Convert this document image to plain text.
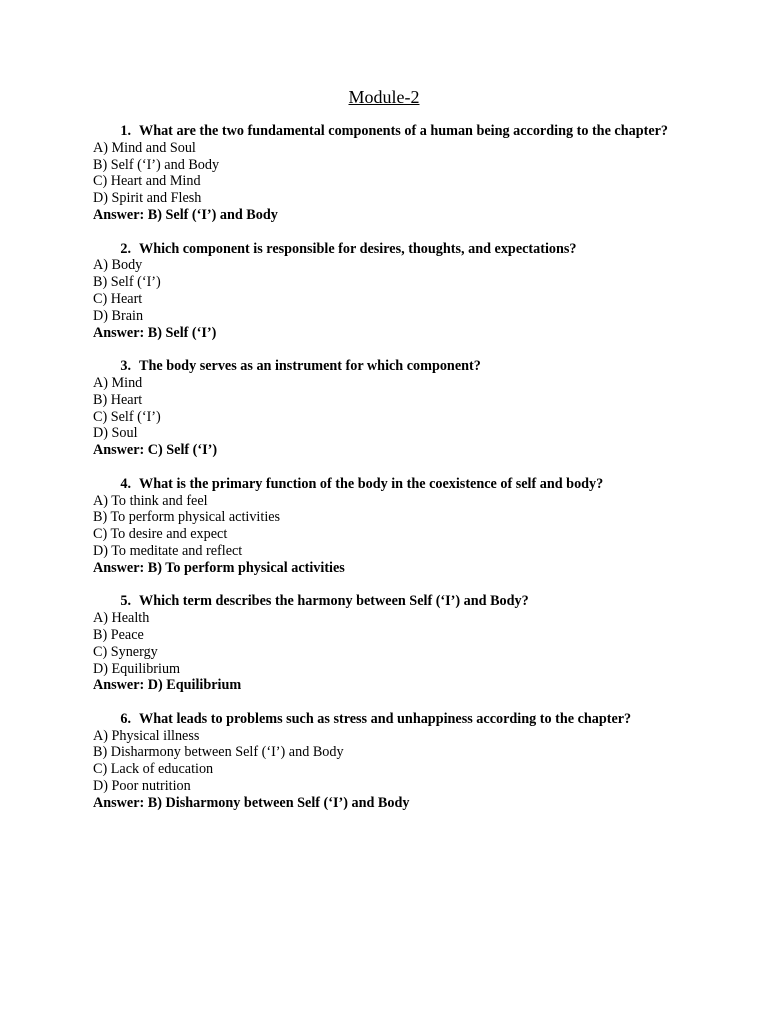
Module-2
1. What are the two fundamental components of a human being according to the chapter?
A) Mind and Soul
B) Self (‘I’) and Body
C) Heart and Mind
D) Spirit and Flesh
Answer: B) Self (‘I’) and Body
2. Which component is responsible for desires, thoughts, and expectations?
A) Body
B) Self (‘I’)
C) Heart
D) Brain
Answer: B) Self (‘I’)
3. The body serves as an instrument for which component?
A) Mind
B) Heart
C) Self (‘I’)
D) Soul
Answer: C) Self (‘I’)
4. What is the primary function of the body in the coexistence of self and body?
A) To think and feel
B) To perform physical activities
C) To desire and expect
D) To meditate and reflect
Answer: B) To perform physical activities
5. Which term describes the harmony between Self (‘I’) and Body?
A) Health
B) Peace
C) Synergy
D) Equilibrium
Answer: D) Equilibrium
6. What leads to problems such as stress and unhappiness according to the chapter?
A) Physical illness
B) Disharmony between Self (‘I’) and Body
C) Lack of education
D) Poor nutrition
Answer: B) Disharmony between Self (‘I’) and Body
